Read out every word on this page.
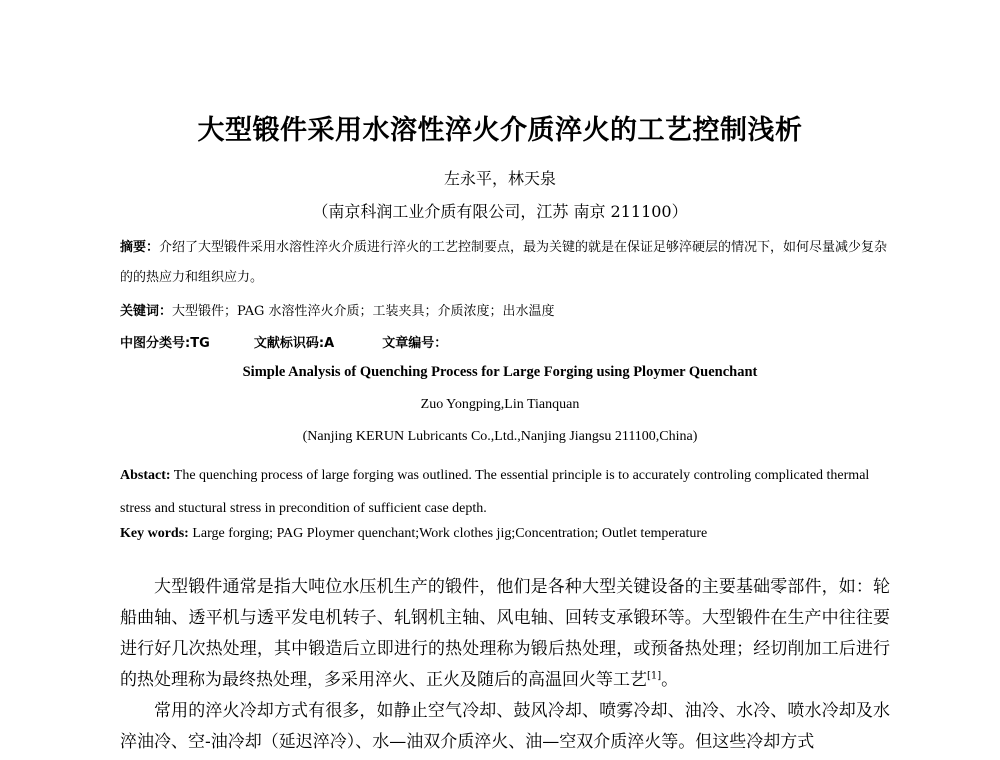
大型锻件采用水溶性淬火介质淬火的工艺控制浅析
左永平，林天泉
（南京科润工业介质有限公司，江苏 南京 211100）
摘要：介绍了大型锻件采用水溶性淬火介质进行淬火的工艺控制要点，最为关键的就是在保证足够淬硬层的情况下，如何尽量减少复杂的的热应力和组织应力。
关键词：大型锻件；PAG 水溶性淬火介质；工装夹具；介质浓度；出水温度
中图分类号:TG	文献标识码:A	文章编号：
Simple Analysis of Quenching Process for Large Forging using Ploymer Quenchant
Zuo Yongping,Lin Tianquan
(Nanjing KERUN Lubricants Co.,Ltd.,Nanjing Jiangsu 211100,China)
Abstact: The quenching process of large forging was outlined. The essential principle is to accurately controling complicated thermal stress and stuctural stress in precondition of sufficient case depth.
Key words: Large forging; PAG Ploymer quenchant;Work clothes jig;Concentration; Outlet temperature

大型锻件通常是指大吨位水压机生产的锻件，他们是各种大型关键设备的主要基础零部件，如：轮船曲轴、透平机与透平发电机转子、轧钢机主轴、风电轴、回转支承锻环等。大型锻件在生产中往往要进行好几次热处理，其中锻造后立即进行的热处理称为锻后热处理，或预备热处理；经切削加工后进行的热处理称为最终热处理，多采用淬火、正火及随后的高温回火等工艺[1]。

常用的淬火冷却方式有很多，如静止空气冷却、鼓风冷却、喷雾冷却、油冷、水冷、喷水冷却及水淬油冷、空-油冷却（延迟淬冷）、水—油双介质淬火、油—空双介质淬火等。但这些冷却方式
